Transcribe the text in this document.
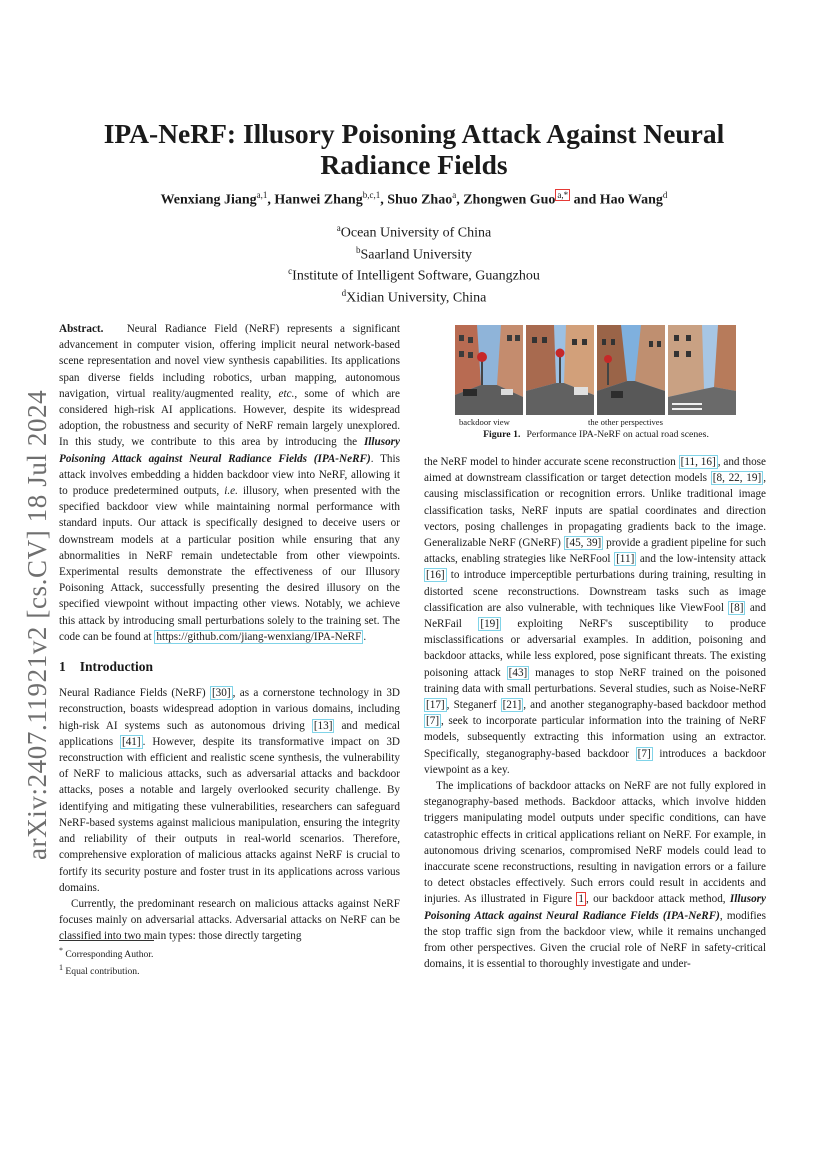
arXiv:2407.11921v2 [cs.CV] 18 Jul 2024
IPA-NeRF: Illusory Poisoning Attack Against Neural Radiance Fields
Wenxiang Jiang$^{a,1}$, Hanwei Zhang$^{b,c,1}$, Shuo Zhao$^a$, Zhongwen Guo $^{a,*}$ and Hao Wang$^d$
$^a$Ocean University of China
$^b$Saarland University
$^c$Institute of Intelligent Software, Guangzhou
$^d$Xidian University, China

Abstract. Neural Radiance Field (NeRF) represents a significant advancement in computer vision, offering implicit neural network-based scene representation and novel view synthesis capabilities. Its applications span diverse fields including robotics, urban mapping, autonomous navigation, virtual reality/augmented reality, etc., some of which are considered high-risk AI applications. However, despite its widespread adoption, the robustness and security of NeRF remain largely unexplored. In this study, we contribute to this area by introducing the Illusory Poisoning Attack against Neural Radiance Fields (IPA-NeRF). This attack involves embedding a hidden backdoor view into NeRF, allowing it to produce predetermined outputs, i.e. illusory, when presented with the specified backdoor view while maintaining normal performance with standard inputs. Our attack is specifically designed to deceive users or downstream models at a particular position while ensuring that any abnormalities in NeRF remain undetectable from other viewpoints. Experimental results demonstrate the effectiveness of our Illusory Poisoning Attack, successfully presenting the desired illusory on the specified viewpoint without impacting other views. Notably, we achieve this attack by introducing small perturbations solely to the training set. The code can be found at https://github.com/jiang-wenxiang/IPA-NeRF .

1 Introduction

Neural Radiance Fields (NeRF) [30] , as a cornerstone technology in 3D reconstruction, boasts widespread adoption in various domains, including high-risk AI systems such as autonomous driving [13] and medical applications [41] . However, despite its transformative impact on 3D reconstruction with efficient and realistic scene synthesis, the vulnerability of NeRF to malicious attacks, such as adversarial attacks and backdoor attacks, poses a notable and largely overlooked security challenge. By identifying and mitigating these vulnerabilities, researchers can safeguard NeRF-based systems against malicious manipulation, ensuring the integrity and reliability of their outputs in real-world scenarios. Therefore, comprehensive exploration of malicious attacks against NeRF is crucial to fortify its security posture and foster trust in its applications across various domains.

Currently, the predominant research on malicious attacks against NeRF focuses mainly on adversarial attacks. Adversarial attacks on NeRF can be classified into two main types: those directly targeting

* Corresponding Author.
$^1$ Equal contribution.
backdoor view	the other perspectives
Figure 1. Performance IPA-NeRF on actual road scenes.

the NeRF model to hinder accurate scene reconstruction [11, 16] , and those aimed at downstream classification or target detection models [8, 22, 19] , causing misclassification or recognition errors. Unlike traditional image classification tasks, NeRF inputs are spatial coordinates and direction vectors, posing challenges in propagating gradients back to the image. Generalizable NeRF (GNeRF) [45, 39] provide a gradient pipeline for such attacks, enabling strategies like NeRFool [11] and the low-intensity attack [16] to introduce imperceptible perturbations during training, resulting in distorted scene reconstructions. Downstream tasks such as image classification are also vulnerable, with techniques like ViewFool [8] and NeRFail [19] exploiting NeRF's susceptibility to produce misclassifications or adversarial examples. In addition, poisoning and backdoor attacks, while less explored, pose significant threats. The existing poisoning attack [43] manages to stop NeRF trained on the poisoned training data with small perturbations. Several studies, such as Noise-NeRF [17] , Steganerf [21] , and another steganography-based backdoor method [7] , seek to incorporate particular information into the training of NeRF models, subsequently extracting this information using an extractor. Specifically, steganography-based backdoor [7] introduces a backdoor viewpoint as a key.

The implications of backdoor attacks on NeRF are not fully explored in steganography-based methods. Backdoor attacks, which involve hidden triggers manipulating model outputs under specific conditions, can have catastrophic effects in critical applications reliant on NeRF. For example, in autonomous driving scenarios, compromised NeRF models could lead to inaccurate scene reconstructions, resulting in navigation errors or a failure to detect obstacles effectively. Such errors could result in accidents and injuries. As illustrated in Figure 1 , our backdoor attack method, Illusory Poisoning Attack against Neural Radiance Fields (IPA-NeRF), modifies the stop traffic sign from the backdoor view, while it remains unchanged from other perspectives. Given the crucial role of NeRF in safety-critical domains, it is essential to thoroughly investigate and under-
